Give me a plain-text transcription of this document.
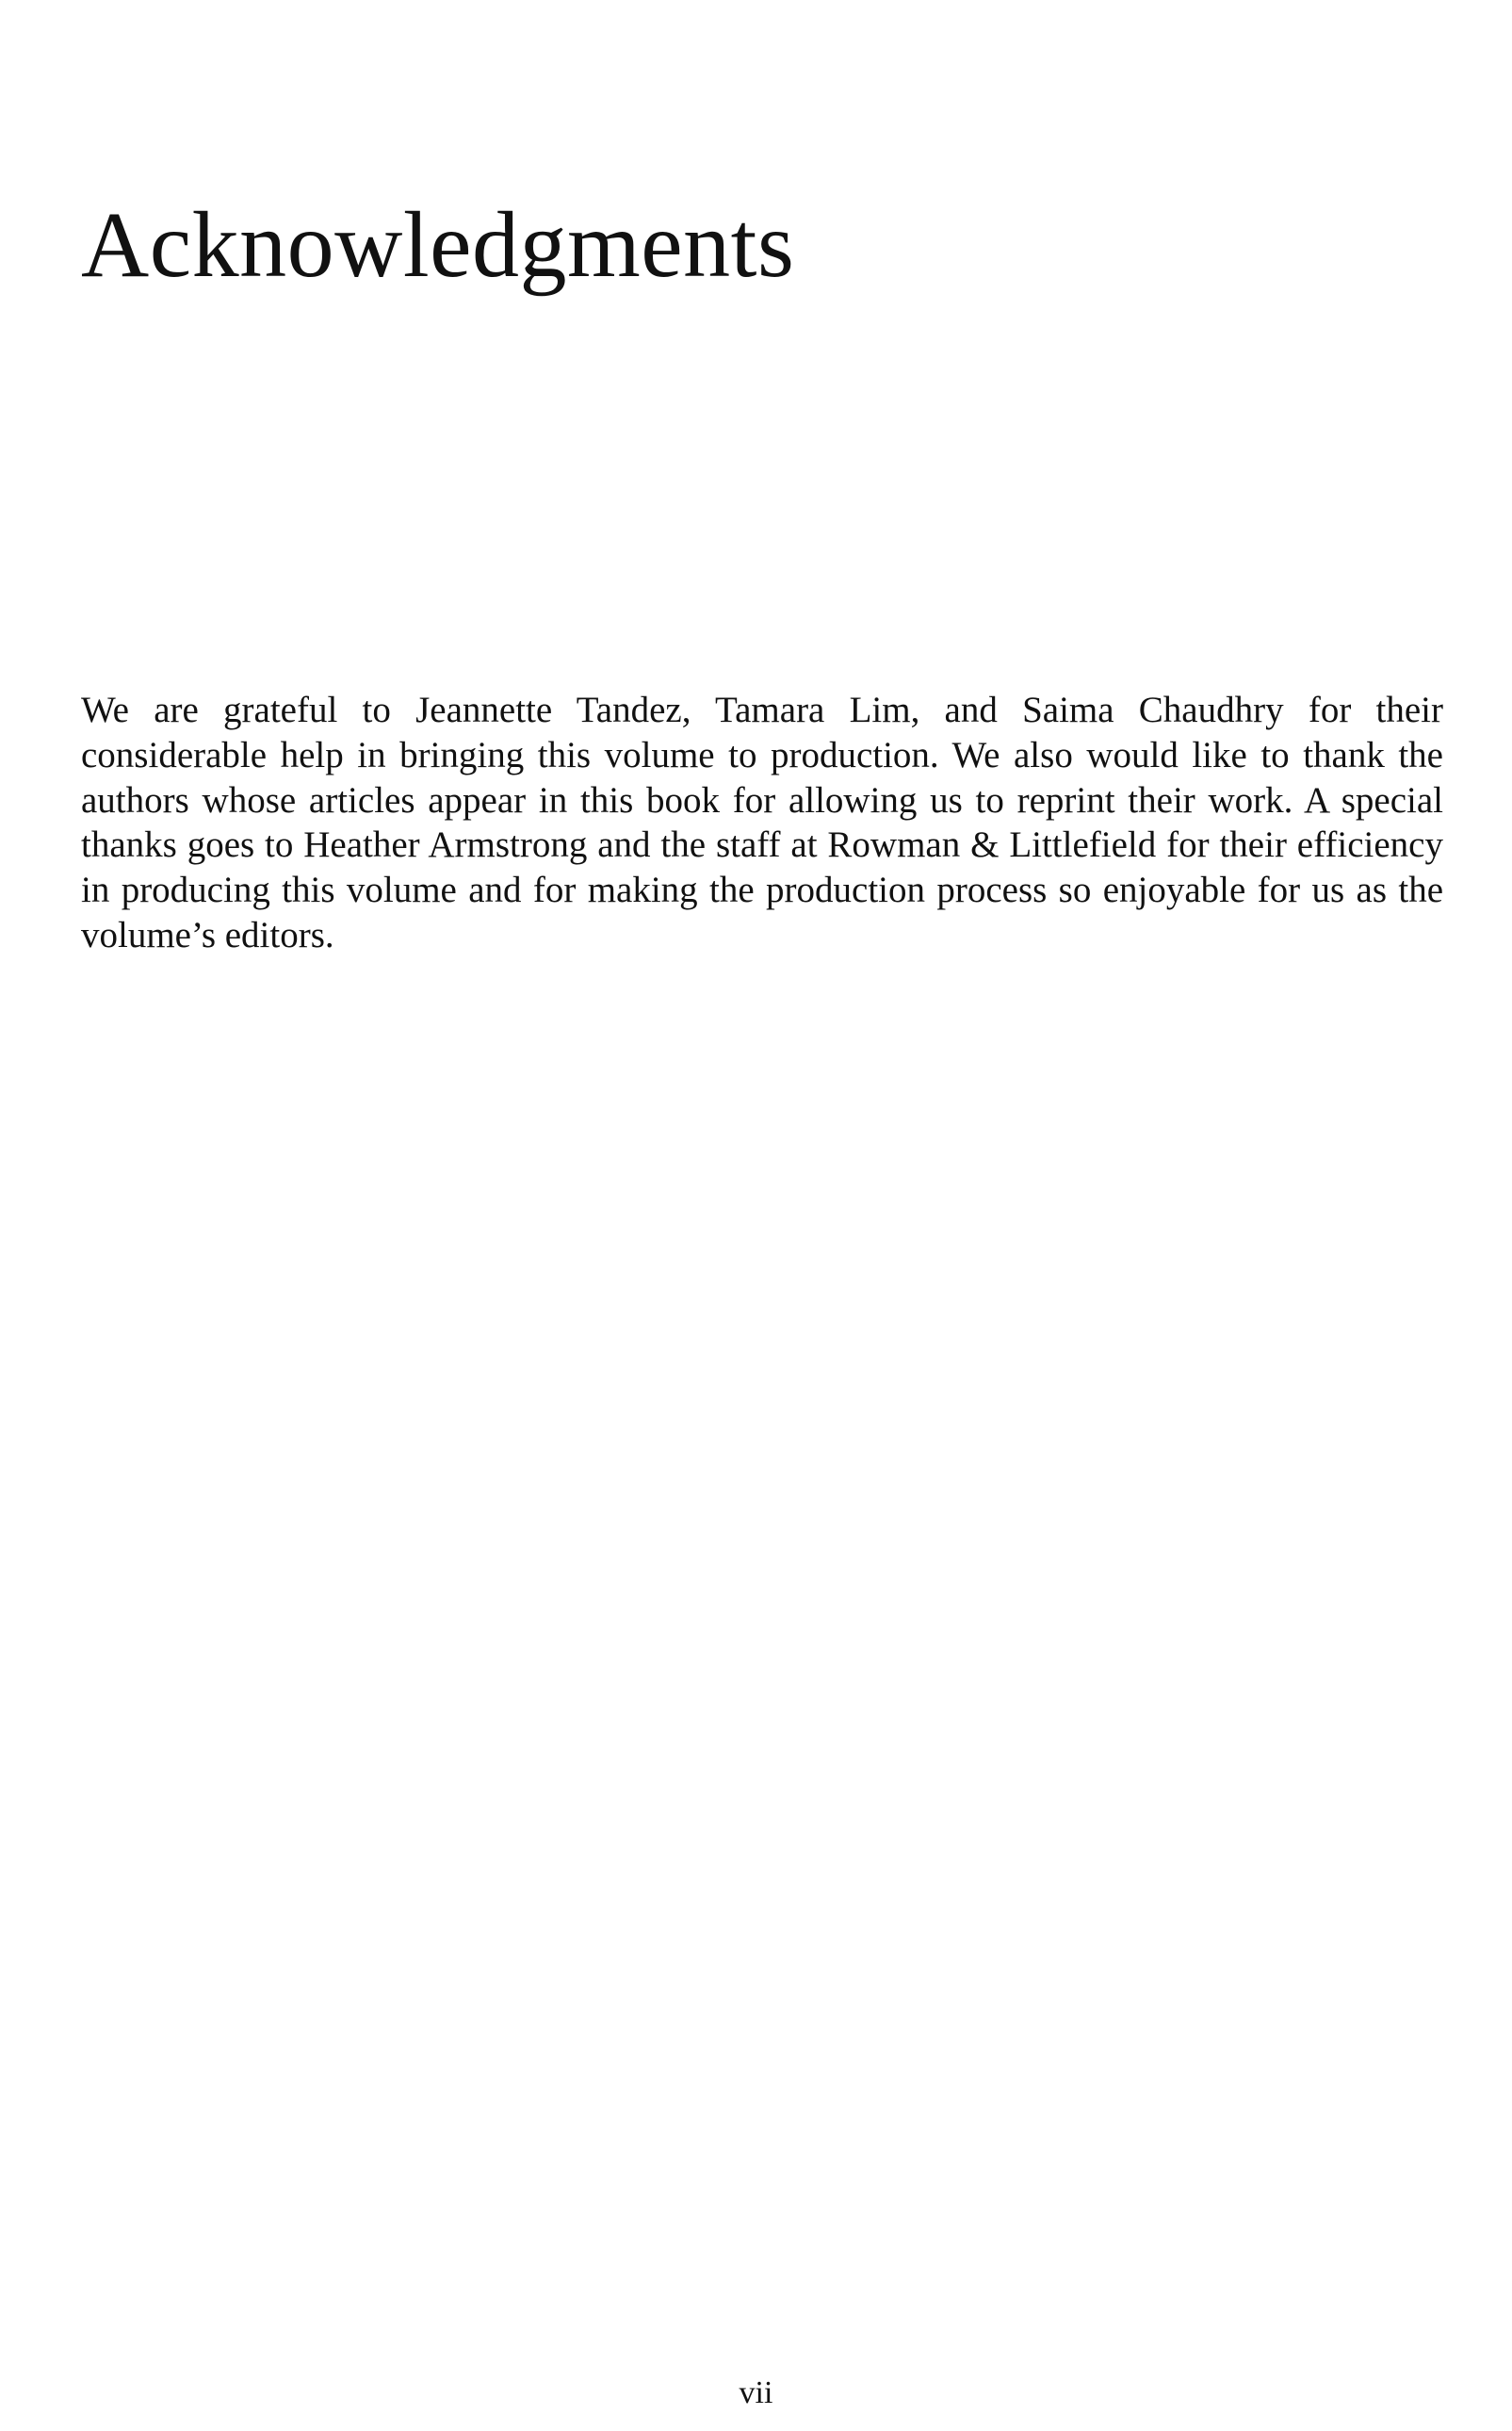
Acknowledgments

We are grateful to Jeannette Tandez, Tamara Lim, and Saima Chaudhry for their considerable help in bringing this volume to production. We also would like to thank the authors whose articles appear in this book for allowing us to reprint their work. A special thanks goes to Heather Armstrong and the staff at Rowman & Littlefield for their efficiency in producing this volume and for making the production process so enjoyable for us as the volume’s editors.

vii
